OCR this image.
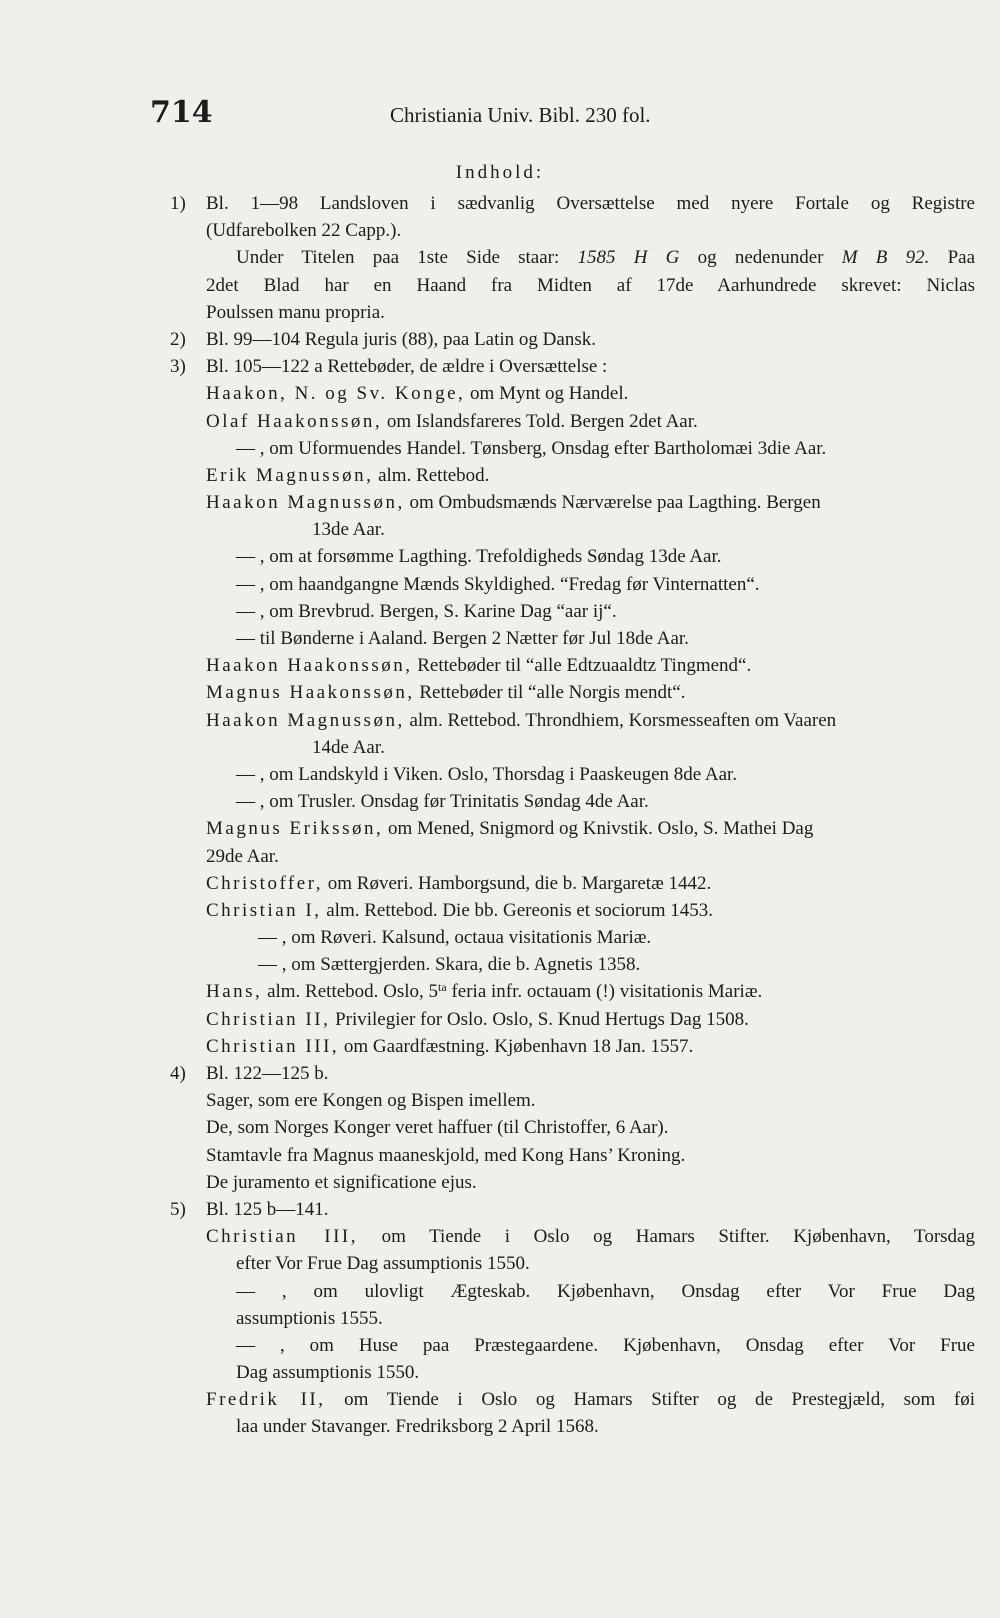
714	Christiania Univ. Bibl. 230 fol.
Indhold:
1) Bl. 1—98 Landsloven i sædvanlig Oversættelse med nyere Fortale og Registre
(Udfarebolken 22 Capp.).
Under Titelen paa 1ste Side staar: 1585 H G og nedenunder M B 92. Paa
2det Blad har en Haand fra Midten af 17de Aarhundrede skrevet: Niclas
Poulssen manu propria.
2) Bl. 99—104 Regula juris (88), paa Latin og Dansk.
3) Bl. 105—122 a Rettebøder, de ældre i Oversættelse :
Haakon, N. og Sv. Konge, om Mynt og Handel.
Olaf Haakonssøn, om Islandsfareres Told. Bergen 2det Aar.
— , om Uformuendes Handel. Tønsberg, Onsdag efter Bartholomæi 3die Aar.
Erik Magnussøn, alm. Rettebod.
Haakon Magnussøn, om Ombudsmænds Nærværelse paa Lagthing. Bergen
13de Aar.
— , om at forsømme Lagthing. Trefoldigheds Søndag 13de Aar.
— , om haandgangne Mænds Skyldighed. “Fredag før Vinternatten“.
— , om Brevbrud. Bergen, S. Karine Dag “aar ij“.
— til Bønderne i Aaland. Bergen 2 Nætter før Jul 18de Aar.
Haakon Haakonssøn, Rettebøder til “alle Edtzuaaldtz Tingmend“.
Magnus Haakonssøn, Rettebøder til “alle Norgis mendt“.
Haakon Magnussøn, alm. Rettebod. Throndhiem, Korsmesseaften om Vaaren
14de Aar.
— , om Landskyld i Viken. Oslo, Thorsdag i Paaskeugen 8de Aar.
— , om Trusler. Onsdag før Trinitatis Søndag 4de Aar.
Magnus Erikssøn, om Mened, Snigmord og Knivstik. Oslo, S. Mathei Dag
29de Aar.
Christoffer, om Røveri. Hamborgsund, die b. Margaretæ 1442.
Christian I, alm. Rettebod. Die bb. Gereonis et sociorum 1453.
— , om Røveri. Kalsund, octaua visitationis Mariæ.
— , om Sættergjerden. Skara, die b. Agnetis 1358.
Hans, alm. Rettebod. Oslo, $5^{ta}$ feria infr. octauam (!) visitationis Mariæ.
Christian II, Privilegier for Oslo. Oslo, S. Knud Hertugs Dag 1508.
Christian III, om Gaardfæstning. Kjøbenhavn 18 Jan. 1557.
4) Bl. 122—125 b.
Sager, som ere Kongen og Bispen imellem.
De, som Norges Konger veret haffuer (til Christoffer, 6 Aar).
Stamtavle fra Magnus maaneskjold, med Kong Hans’ Kroning.
De juramento et significatione ejus.
5) Bl. 125 b—141.
Christian III, om Tiende i Oslo og Hamars Stifter. Kjøbenhavn, Torsdag
efter Vor Frue Dag assumptionis 1550.
— , om ulovligt Ægteskab. Kjøbenhavn, Onsdag efter Vor Frue Dag
assumptionis 1555.
— , om Huse paa Præstegaardene. Kjøbenhavn, Onsdag efter Vor Frue
Dag assumptionis 1550.
Fredrik II, om Tiende i Oslo og Hamars Stifter og de Prestegjæld, som føi
laa under Stavanger. Fredriksborg 2 April 1568.
